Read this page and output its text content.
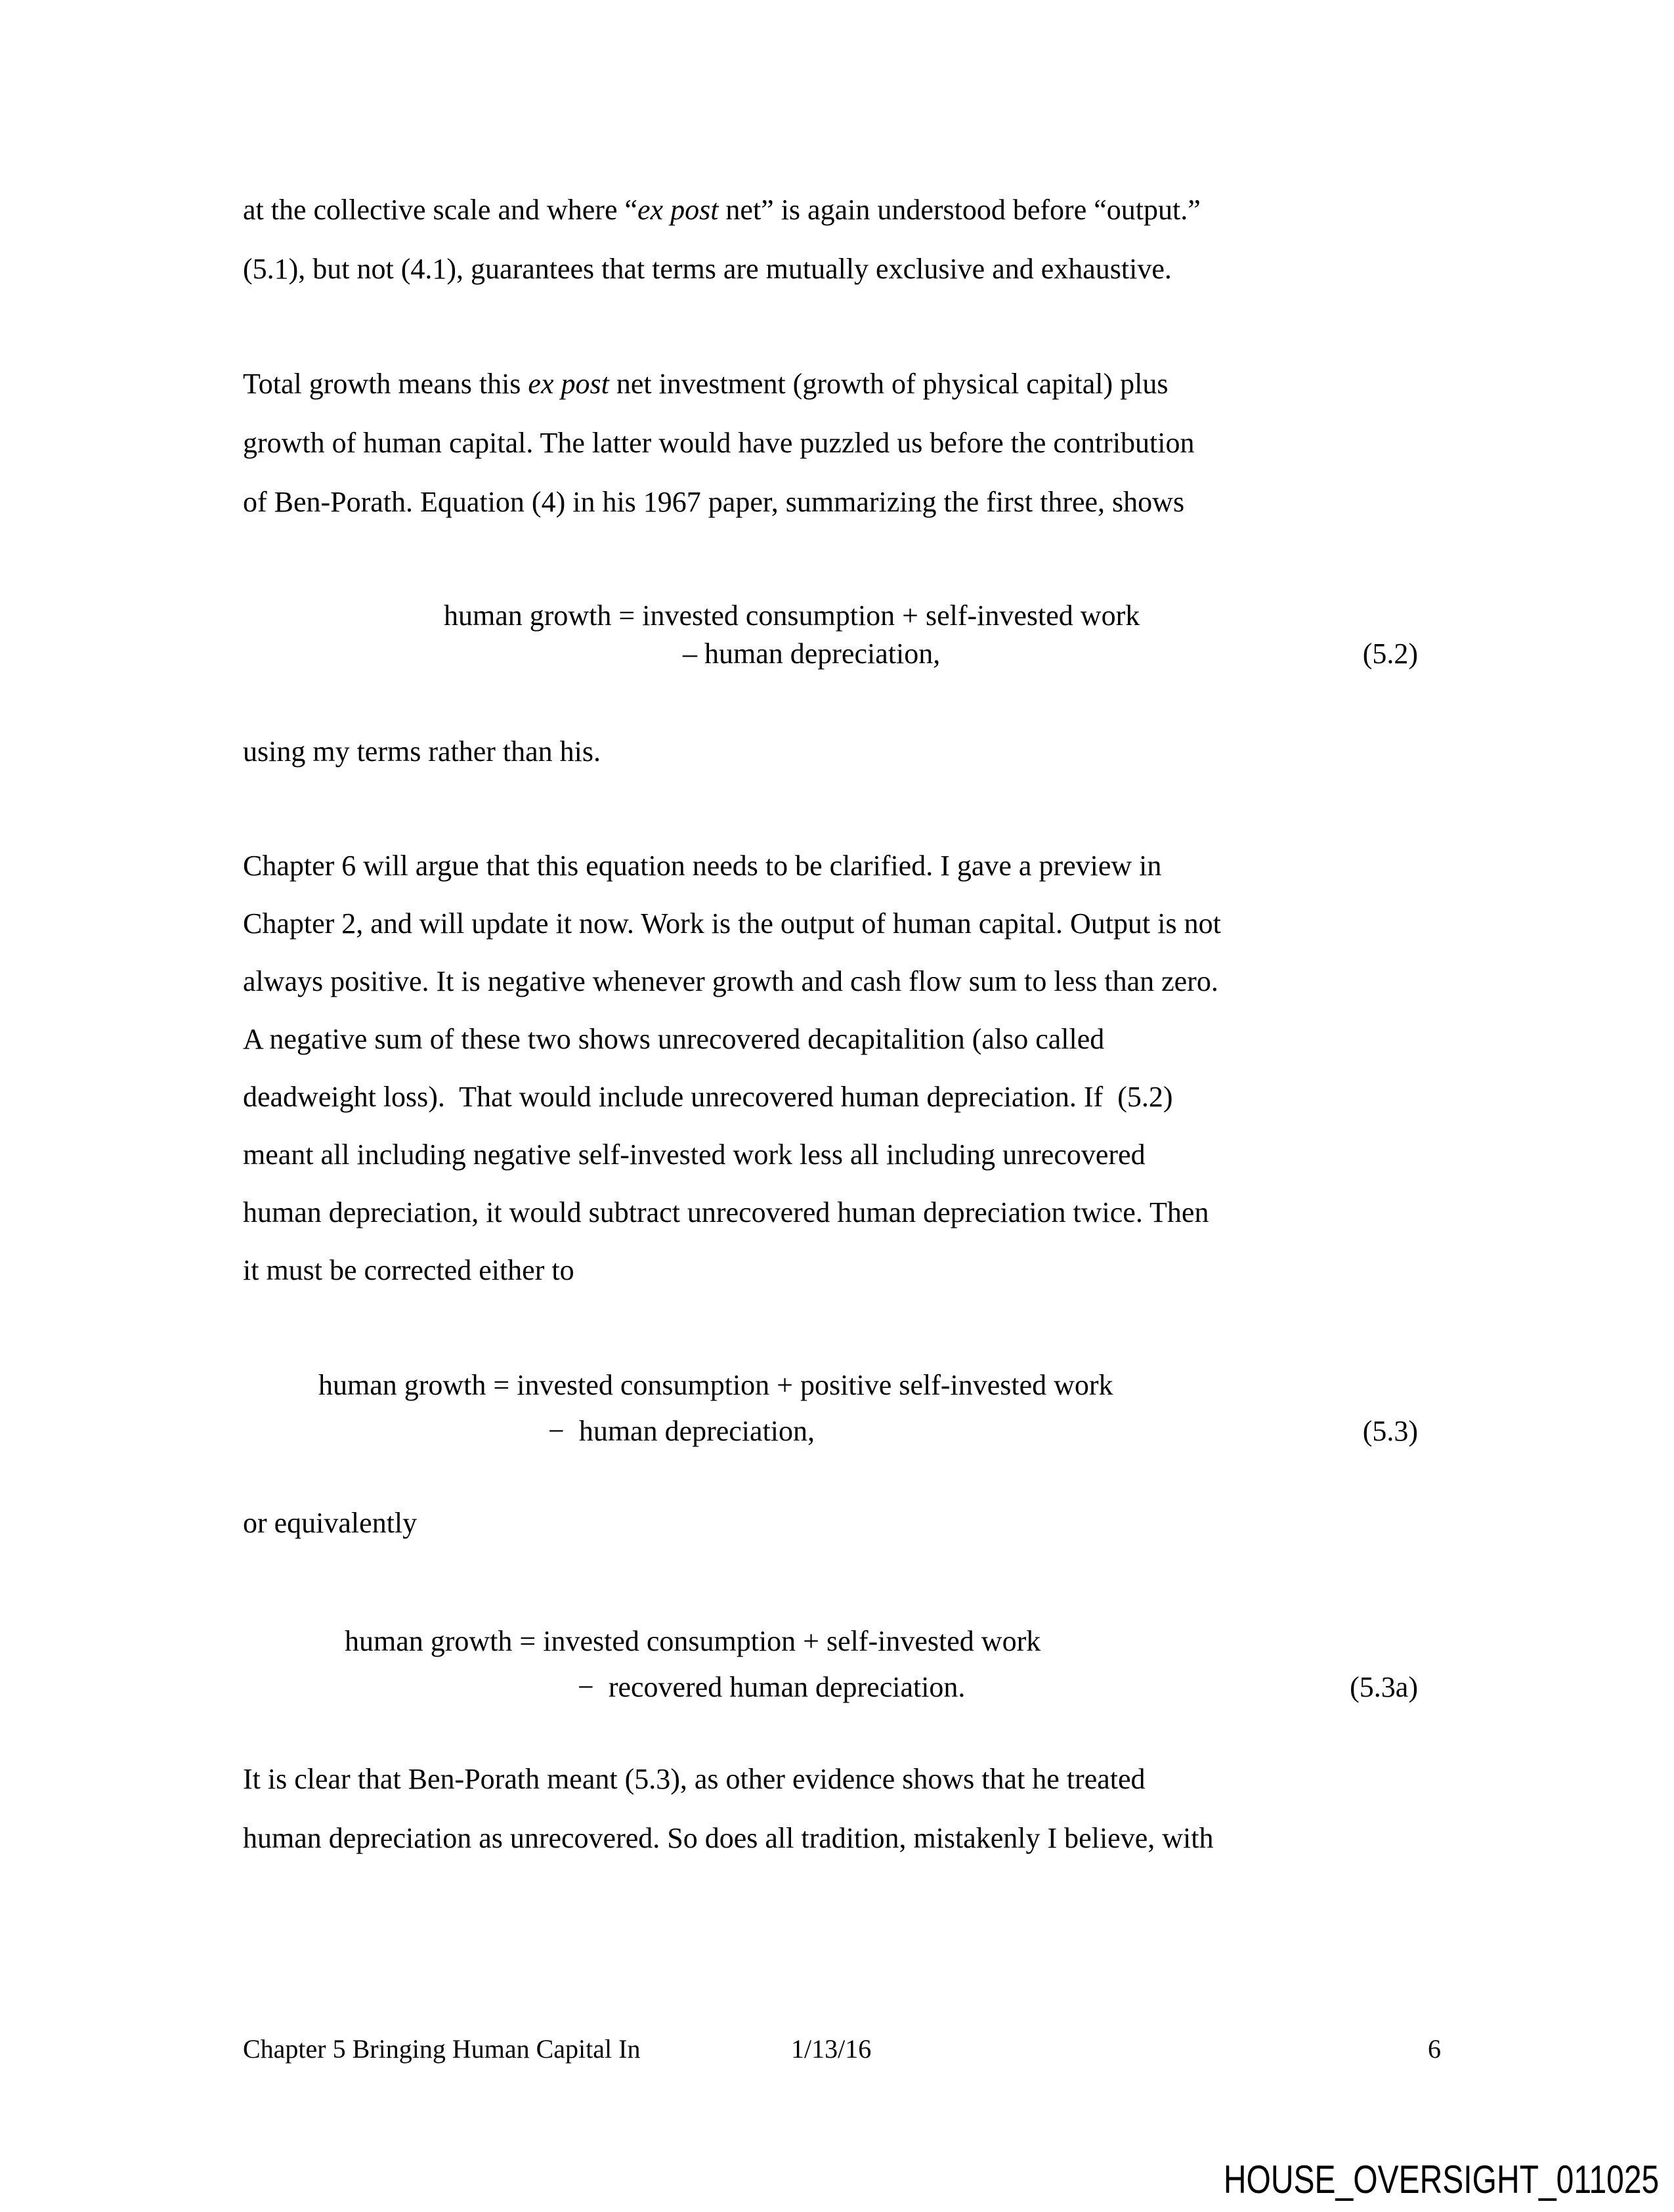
at the collective scale and where “ex post net” is again understood before “output.”
(5.1), but not (4.1), guarantees that terms are mutually exclusive and exhaustive.
Total growth means this ex post net investment (growth of physical capital) plus
growth of human capital. The latter would have puzzled us before the contribution
of Ben-Porath. Equation (4) in his 1967 paper, summarizing the first three, shows
human growth = invested consumption + self-invested work
– human depreciation,	(5.2)
using my terms rather than his.
Chapter 6 will argue that this equation needs to be clarified. I gave a preview in
Chapter 2, and will update it now. Work is the output of human capital. Output is not
always positive. It is negative whenever growth and cash flow sum to less than zero.
A negative sum of these two shows unrecovered decapitalition (also called
deadweight loss).  That would include unrecovered human depreciation. If  (5.2)
meant all including negative self-invested work less all including unrecovered
human depreciation, it would subtract unrecovered human depreciation twice. Then
it must be corrected either to
human growth = invested consumption + positive self-invested work
−  human depreciation,	(5.3)
or equivalently
human growth = invested consumption + self-invested work
−  recovered human depreciation.	(5.3a)
It is clear that Ben-Porath meant (5.3), as other evidence shows that he treated
human depreciation as unrecovered. So does all tradition, mistakenly I believe, with

Chapter 5 Bringing Human Capital In

	1/13/16

	6

HOUSE_OVERSIGHT_011025
